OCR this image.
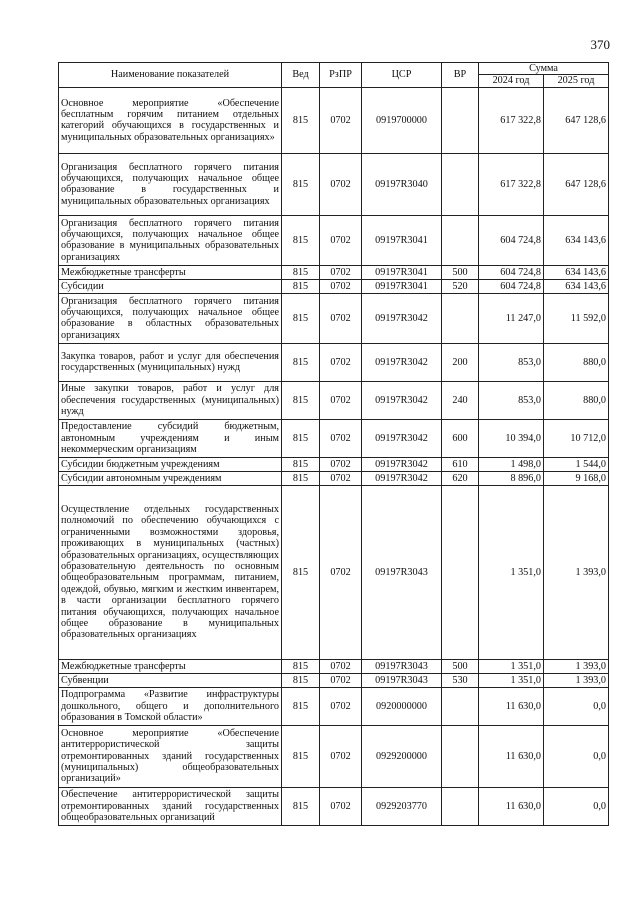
370
Наименование показателей	Вед	РзПР	ЦСР	ВР	Сумма	
					2024 год	2025 год
Основное мероприятие «Обеспечение бесплатным горячим питанием отдельных категорий обучающихся в государственных и муниципальных образовательных организациях»	815	0702	0919700000		617 322,8	647 128,6
Организация бесплатного горячего питания обучающихся, получающих начальное общее образование в государственных и муниципальных образовательных организациях	815	0702	09197R3040		617 322,8	647 128,6
Организация бесплатного горячего питания обучающихся, получающих начальное общее образование в муниципальных образовательных организациях	815	0702	09197R3041		604 724,8	634 143,6
Межбюджетные трансферты	815	0702	09197R3041	500	604 724,8	634 143,6
Субсидии	815	0702	09197R3041	520	604 724,8	634 143,6
Организация бесплатного горячего питания обучающихся, получающих начальное общее образование в областных образовательных организациях	815	0702	09197R3042		11 247,0	11 592,0
Закупка товаров, работ и услуг для обеспечения государственных (муниципальных) нужд	815	0702	09197R3042	200	853,0	880,0
Иные закупки товаров, работ и услуг для обеспечения государственных (муниципальных) нужд	815	0702	09197R3042	240	853,0	880,0
Предоставление субсидий бюджетным, автономным учреждениям и иным некоммерческим организациям	815	0702	09197R3042	600	10 394,0	10 712,0
Субсидии бюджетным учреждениям	815	0702	09197R3042	610	1 498,0	1 544,0
Субсидии автономным учреждениям	815	0702	09197R3042	620	8 896,0	9 168,0
Осуществление отдельных государственных полномочий по обеспечению обучающихся с ограниченными возможностями здоровья, проживающих в муниципальных (частных) образовательных организациях, осуществляющих образовательную деятельность по основным общеобразовательным программам, питанием, одеждой, обувью, мягким и жестким инвентарем, в части организации бесплатного горячего питания обучающихся, получающих начальное общее образование в муниципальных образовательных организациях	815	0702	09197R3043		1 351,0	1 393,0
Межбюджетные трансферты	815	0702	09197R3043	500	1 351,0	1 393,0
Субвенции	815	0702	09197R3043	530	1 351,0	1 393,0
Подпрограмма «Развитие инфраструктуры дошкольного, общего и дополнительного образования в Томской области»	815	0702	0920000000		11 630,0	0,0
Основное мероприятие «Обеспечение антитеррористической защиты отремонтированных зданий государственных (муниципальных) общеобразовательных организаций»	815	0702	0929200000		11 630,0	0,0
Обеспечение антитеррористической защиты отремонтированных зданий государственных общеобразовательных организаций	815	0702	0929203770		11 630,0	0,0
